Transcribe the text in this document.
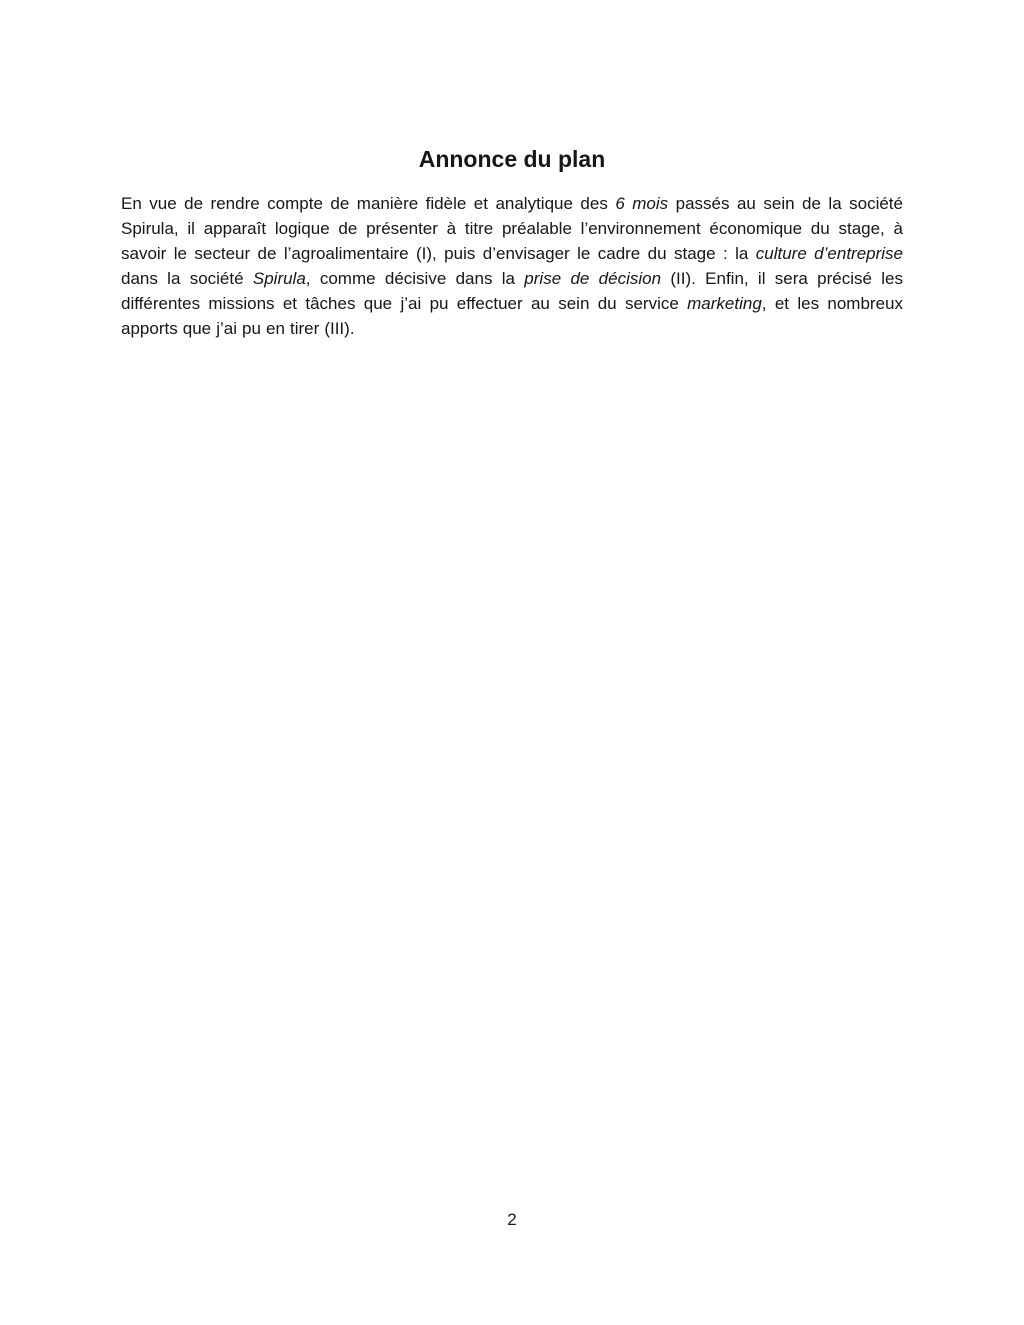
Annonce du plan

En vue de rendre compte de manière fidèle et analytique des 6 mois passés au sein de la société Spirula, il apparaît logique de présenter à titre préalable l’environnement économique du stage, à savoir le secteur de l’agroalimentaire (I), puis d’envisager le cadre du stage : la culture d’entreprise dans la société Spirula, comme décisive dans la prise de décision (II). Enfin, il sera précisé les différentes missions et tâches que j’ai pu effectuer au sein du service marketing, et les nombreux apports que j’ai pu en tirer (III).

2
